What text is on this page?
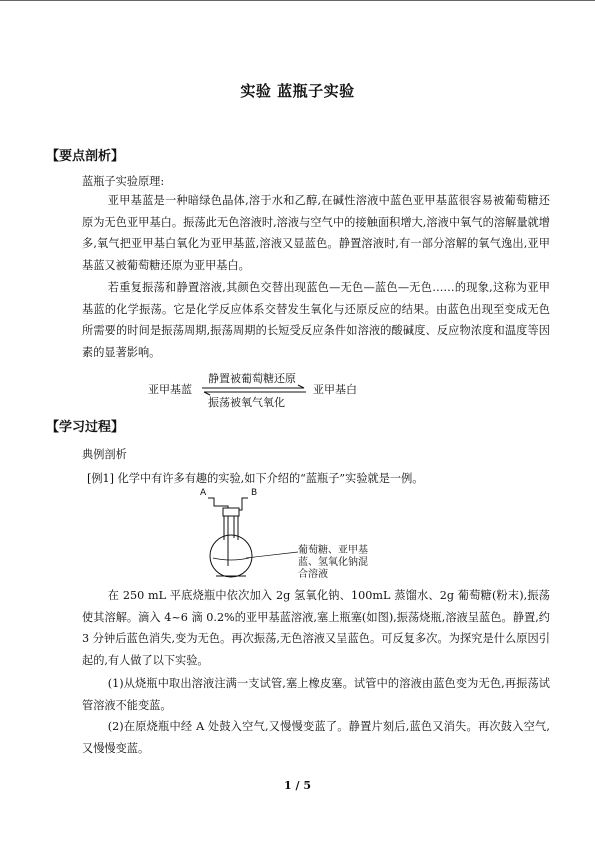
实验 蓝瓶子实验
【要点剖析】
蓝瓶子实验原理:

亚甲基蓝是一种暗绿色晶体,溶于水和乙醇,在碱性溶液中蓝色亚甲基蓝很容易被葡萄糖还原为无色亚甲基白。振荡此无色溶液时,溶液与空气中的接触面积增大,溶液中氧气的溶解量就增多,氧气把亚甲基白氧化为亚甲基蓝,溶液又显蓝色。静置溶液时,有一部分溶解的氧气逸出,亚甲基蓝又被葡萄糖还原为亚甲基白。

若重复振荡和静置溶液,其颜色交替出现蓝色—无色—蓝色—无色……的现象,这称为亚甲基蓝的化学振荡。它是化学反应体系交替发生氧化与还原反应的结果。由蓝色出现至变成无色所需要的时间是振荡周期,振荡周期的长短受反应条件如溶液的酸碱度、反应物浓度和温度等因素的显著影响。

亚甲基蓝
静置被葡萄糖还原
亚甲基白
振荡被氧气氧化
【学习过程】
典例剖析
[例1] 化学中有许多有趣的实验,如下介绍的“蓝瓶子”实验就是一例。
A	B
葡萄糖、亚甲基蓝、氢氧化钠混合溶液

在 250 mL 平底烧瓶中依次加入 2g 氢氧化钠、100mL 蒸馏水、2g 葡萄糖(粉末),振荡使其溶解。滴入 4~6 滴 0.2%的亚甲基蓝溶液,塞上瓶塞(如图),振荡烧瓶,溶液呈蓝色。静置,约 3 分钟后蓝色消失,变为无色。再次振荡,无色溶液又呈蓝色。可反复多次。为探究是什么原因引起的,有人做了以下实验。

(1)从烧瓶中取出溶液注满一支试管,塞上橡皮塞。试管中的溶液由蓝色变为无色,再振荡试管溶液不能变蓝。

(2)在原烧瓶中经 A 处鼓入空气,又慢慢变蓝了。静置片刻后,蓝色又消失。再次鼓入空气,又慢慢变蓝。

1 / 5
